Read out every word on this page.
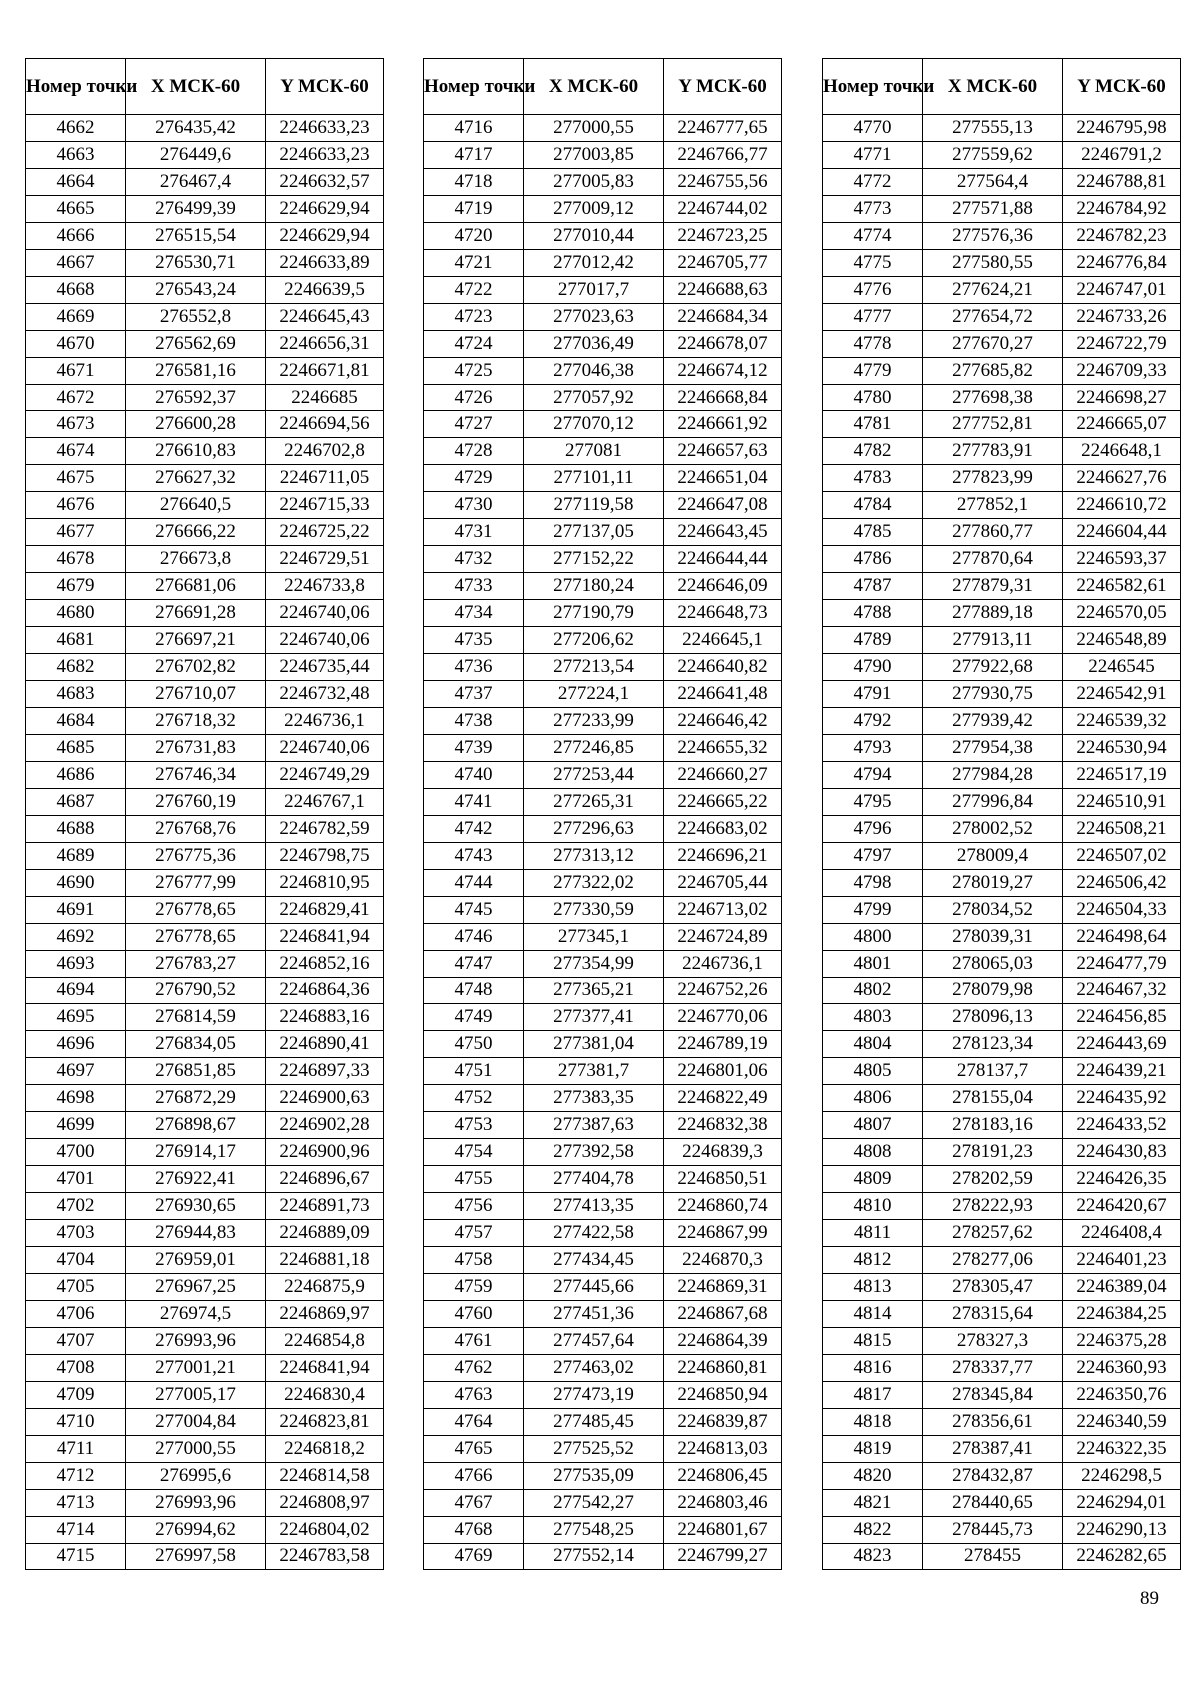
Номер точки	X МСК-60	Y МСК-60
4662	276435,42	2246633,23
4663	276449,6	2246633,23
4664	276467,4	2246632,57
4665	276499,39	2246629,94
4666	276515,54	2246629,94
4667	276530,71	2246633,89
4668	276543,24	2246639,5
4669	276552,8	2246645,43
4670	276562,69	2246656,31
4671	276581,16	2246671,81
4672	276592,37	2246685
4673	276600,28	2246694,56
4674	276610,83	2246702,8
4675	276627,32	2246711,05
4676	276640,5	2246715,33
4677	276666,22	2246725,22
4678	276673,8	2246729,51
4679	276681,06	2246733,8
4680	276691,28	2246740,06
4681	276697,21	2246740,06
4682	276702,82	2246735,44
4683	276710,07	2246732,48
4684	276718,32	2246736,1
4685	276731,83	2246740,06
4686	276746,34	2246749,29
4687	276760,19	2246767,1
4688	276768,76	2246782,59
4689	276775,36	2246798,75
4690	276777,99	2246810,95
4691	276778,65	2246829,41
4692	276778,65	2246841,94
4693	276783,27	2246852,16
4694	276790,52	2246864,36
4695	276814,59	2246883,16
4696	276834,05	2246890,41
4697	276851,85	2246897,33
4698	276872,29	2246900,63
4699	276898,67	2246902,28
4700	276914,17	2246900,96
4701	276922,41	2246896,67
4702	276930,65	2246891,73
4703	276944,83	2246889,09
4704	276959,01	2246881,18
4705	276967,25	2246875,9
4706	276974,5	2246869,97
4707	276993,96	2246854,8
4708	277001,21	2246841,94
4709	277005,17	2246830,4
4710	277004,84	2246823,81
4711	277000,55	2246818,2
4712	276995,6	2246814,58
4713	276993,96	2246808,97
4714	276994,62	2246804,02
4715	276997,58	2246783,58
Номер точки	X МСК-60	Y МСК-60
4716	277000,55	2246777,65
4717	277003,85	2246766,77
4718	277005,83	2246755,56
4719	277009,12	2246744,02
4720	277010,44	2246723,25
4721	277012,42	2246705,77
4722	277017,7	2246688,63
4723	277023,63	2246684,34
4724	277036,49	2246678,07
4725	277046,38	2246674,12
4726	277057,92	2246668,84
4727	277070,12	2246661,92
4728	277081	2246657,63
4729	277101,11	2246651,04
4730	277119,58	2246647,08
4731	277137,05	2246643,45
4732	277152,22	2246644,44
4733	277180,24	2246646,09
4734	277190,79	2246648,73
4735	277206,62	2246645,1
4736	277213,54	2246640,82
4737	277224,1	2246641,48
4738	277233,99	2246646,42
4739	277246,85	2246655,32
4740	277253,44	2246660,27
4741	277265,31	2246665,22
4742	277296,63	2246683,02
4743	277313,12	2246696,21
4744	277322,02	2246705,44
4745	277330,59	2246713,02
4746	277345,1	2246724,89
4747	277354,99	2246736,1
4748	277365,21	2246752,26
4749	277377,41	2246770,06
4750	277381,04	2246789,19
4751	277381,7	2246801,06
4752	277383,35	2246822,49
4753	277387,63	2246832,38
4754	277392,58	2246839,3
4755	277404,78	2246850,51
4756	277413,35	2246860,74
4757	277422,58	2246867,99
4758	277434,45	2246870,3
4759	277445,66	2246869,31
4760	277451,36	2246867,68
4761	277457,64	2246864,39
4762	277463,02	2246860,81
4763	277473,19	2246850,94
4764	277485,45	2246839,87
4765	277525,52	2246813,03
4766	277535,09	2246806,45
4767	277542,27	2246803,46
4768	277548,25	2246801,67
4769	277552,14	2246799,27
Номер точки	X МСК-60	Y МСК-60
4770	277555,13	2246795,98
4771	277559,62	2246791,2
4772	277564,4	2246788,81
4773	277571,88	2246784,92
4774	277576,36	2246782,23
4775	277580,55	2246776,84
4776	277624,21	2246747,01
4777	277654,72	2246733,26
4778	277670,27	2246722,79
4779	277685,82	2246709,33
4780	277698,38	2246698,27
4781	277752,81	2246665,07
4782	277783,91	2246648,1
4783	277823,99	2246627,76
4784	277852,1	2246610,72
4785	277860,77	2246604,44
4786	277870,64	2246593,37
4787	277879,31	2246582,61
4788	277889,18	2246570,05
4789	277913,11	2246548,89
4790	277922,68	2246545
4791	277930,75	2246542,91
4792	277939,42	2246539,32
4793	277954,38	2246530,94
4794	277984,28	2246517,19
4795	277996,84	2246510,91
4796	278002,52	2246508,21
4797	278009,4	2246507,02
4798	278019,27	2246506,42
4799	278034,52	2246504,33
4800	278039,31	2246498,64
4801	278065,03	2246477,79
4802	278079,98	2246467,32
4803	278096,13	2246456,85
4804	278123,34	2246443,69
4805	278137,7	2246439,21
4806	278155,04	2246435,92
4807	278183,16	2246433,52
4808	278191,23	2246430,83
4809	278202,59	2246426,35
4810	278222,93	2246420,67
4811	278257,62	2246408,4
4812	278277,06	2246401,23
4813	278305,47	2246389,04
4814	278315,64	2246384,25
4815	278327,3	2246375,28
4816	278337,77	2246360,93
4817	278345,84	2246350,76
4818	278356,61	2246340,59
4819	278387,41	2246322,35
4820	278432,87	2246298,5
4821	278440,65	2246294,01
4822	278445,73	2246290,13
4823	278455	2246282,65
89
